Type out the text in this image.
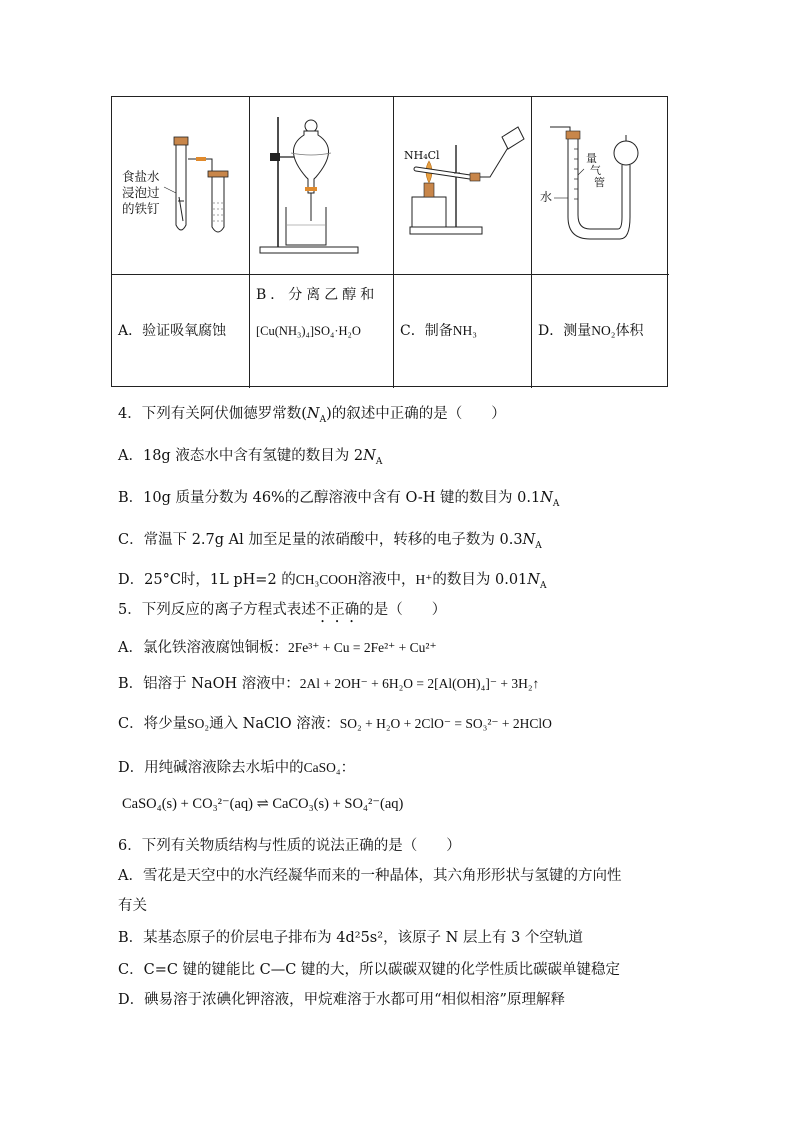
食盐水
浸泡过
的铁钉
NH₄Cl
水
量
气
管
A．验证吸氧腐蚀
B．分离乙醇和
[Cu(NH₃)₄]SO₄·H₂O	C．制备NH₃	D．测量NO₂体积
4．下列有关阿伏伽德罗常数$(N_A)$的叙述中正确的是（　　）
A．18g 液态水中含有氢键的数目为 $2N_A$
B．10g 质量分数为 46%的乙醇溶液中含有 O-H 键的数目为 $0.1N_A$
C．常温下 2.7g Al 加至足量的浓硝酸中，转移的电子数为 $0.3N_A$
D．25°C时，1L pH=2 的CH₃COOH溶液中，H⁺的数目为 $0.01N_A$
5．下列反应的离子方程式表述不正确的是（　　）
A．氯化铁溶液腐蚀铜板：2Fe³⁺ + Cu = 2Fe²⁺ + Cu²⁺
B．铝溶于 NaOH 溶液中：2Al + 2OH⁻ + 6H₂O = 2[Al(OH)₄]⁻ + 3H₂↑
C．将少量SO₂通入 NaClO 溶液：SO₂ + H₂O + 2ClO⁻ = SO₃²⁻ + 2HClO
D．用纯碱溶液除去水垢中的CaSO₄：
CaSO₄(s) + CO₃²⁻(aq) ⇌ CaCO₃(s) + SO₄²⁻(aq)
6．下列有关物质结构与性质的说法正确的是（　　）
A．雪花是天空中的水汽经凝华而来的一种晶体，其六角形形状与氢键的方向性
有关
B．某基态原子的价层电子排布为 4d²5s²，该原子 N 层上有 3 个空轨道
C．C=C 键的键能比 C—C 键的大，所以碳碳双键的化学性质比碳碳单键稳定
D．碘易溶于浓碘化钾溶液，甲烷难溶于水都可用“相似相溶”原理解释
